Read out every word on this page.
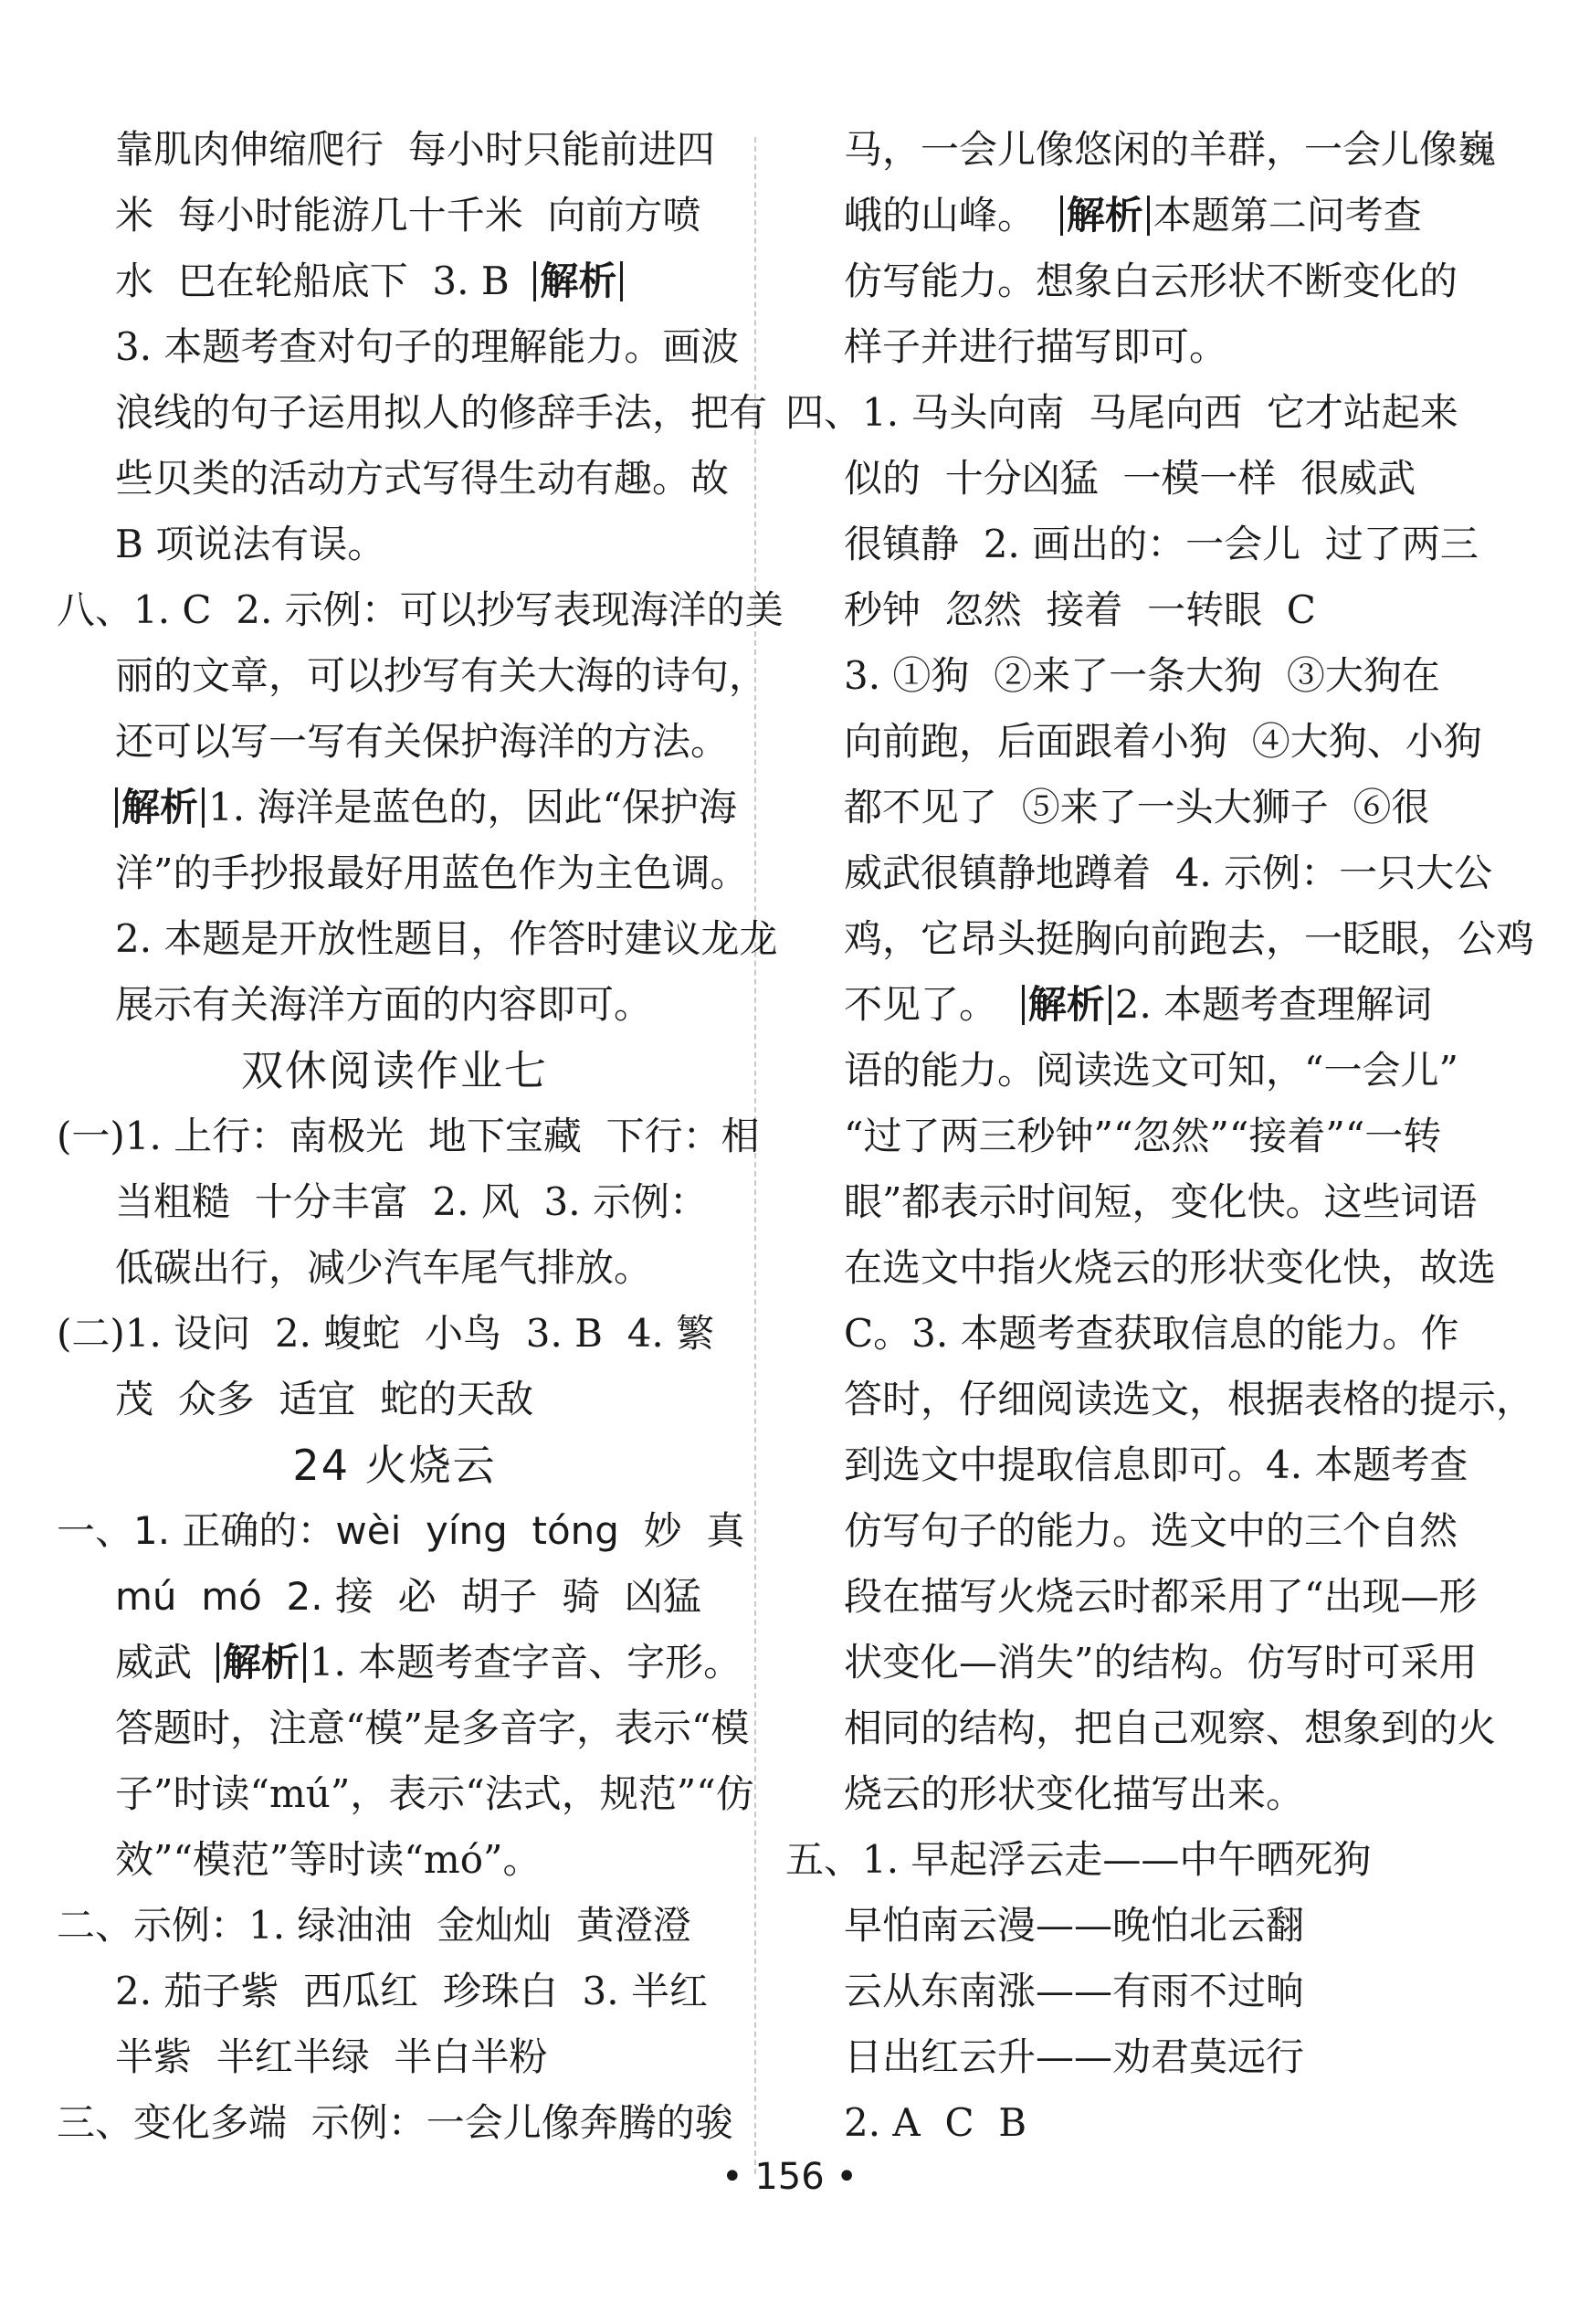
靠肌肉伸缩爬行  每小时只能前进四
米  每小时能游几十千米  向前方喷
水  巴在轮船底下  3. B  解析
3. 本题考查对句子的理解能力。画波
浪线的句子运用拟人的修辞手法，把有
些贝类的活动方式写得生动有趣。故
B 项说法有误。
八、1. C  2. 示例：可以抄写表现海洋的美
丽的文章，可以抄写有关大海的诗句，
还可以写一写有关保护海洋的方法。
解析 1. 海洋是蓝色的，因此“保护海
洋”的手抄报最好用蓝色作为主色调。
2. 本题是开放性题目，作答时建议龙龙
展示有关海洋方面的内容即可。
双休阅读作业七
(一)1. 上行：南极光  地下宝藏  下行：相
当粗糙  十分丰富  2. 风  3. 示例：
低碳出行，减少汽车尾气排放。
(二)1. 设问  2. 蝮蛇  小鸟  3. B  4. 繁
茂  众多  适宜  蛇的天敌
24 火烧云
一、1. 正确的：wèi  yíng  tóng  妙  真
mú  mó  2. 接  必  胡子  骑  凶猛
威武  解析 1. 本题考查字音、字形。
答题时，注意“模”是多音字，表示“模
子”时读“mú”，表示“法式，规范”“仿
效”“模范”等时读“mó”。
二、示例：1. 绿油油  金灿灿  黄澄澄
2. 茄子紫  西瓜红  珍珠白  3. 半红
半紫  半红半绿  半白半粉
三、变化多端  示例：一会儿像奔腾的骏
马，一会儿像悠闲的羊群，一会儿像巍
峨的山峰。  解析 本题第二问考查
仿写能力。想象白云形状不断变化的
样子并进行描写即可。
四、1. 马头向南  马尾向西  它才站起来
似的  十分凶猛  一模一样  很威武
很镇静  2. 画出的：一会儿  过了两三
秒钟  忽然  接着  一转眼  C
3. ①狗  ②来了一条大狗  ③大狗在
向前跑，后面跟着小狗  ④大狗、小狗
都不见了  ⑤来了一头大狮子  ⑥很
威武很镇静地蹲着  4. 示例：一只大公
鸡，它昂头挺胸向前跑去，一眨眼，公鸡
不见了。  解析 2. 本题考查理解词
语的能力。阅读选文可知，“一会儿”
“过了两三秒钟”“忽然”“接着”“一转
眼”都表示时间短，变化快。这些词语
在选文中指火烧云的形状变化快，故选
C。3. 本题考查获取信息的能力。作
答时，仔细阅读选文，根据表格的提示，
到选文中提取信息即可。4. 本题考查
仿写句子的能力。选文中的三个自然
段在描写火烧云时都采用了“出现—形
状变化—消失”的结构。仿写时可采用
相同的结构，把自己观察、想象到的火
烧云的形状变化描写出来。
五、1. 早起浮云走——中午晒死狗
早怕南云漫——晚怕北云翻
云从东南涨——有雨不过晌
日出红云升——劝君莫远行
2. A  C  B
• 156 •
